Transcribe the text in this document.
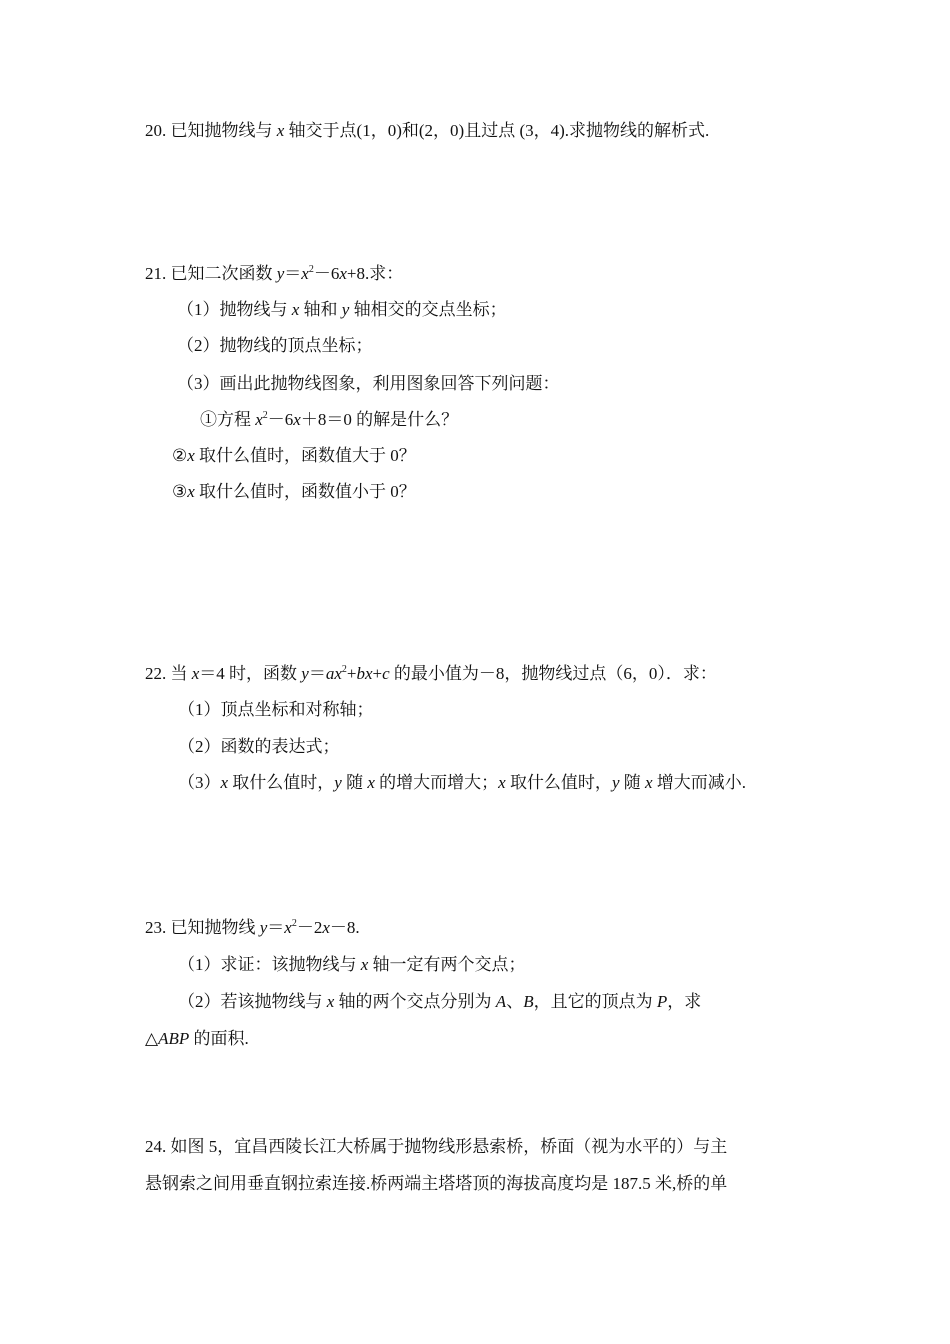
20. 已知抛物线与 x 轴交于点(1，0)和(2，0)且过点 (3，4).求抛物线的解析式.
21. 已知二次函数 $y=x^2-6x+8$.求：
（1）抛物线与 x 轴和 y 轴相交的交点坐标；
（2）抛物线的顶点坐标；
（3）画出此抛物线图象，利用图象回答下列问题：
①方程 $x^2-6x+8=0$ 的解是什么？
②x 取什么值时，函数值大于 0？
③x 取什么值时，函数值小于 0？
22. 当 x＝4 时，函数 $y=ax^2+bx+c$ 的最小值为－8，抛物线过点（6，0）．求：
（1）顶点坐标和对称轴；
（2）函数的表达式；
（3）x 取什么值时，y 随 x 的增大而增大；x 取什么值时，y 随 x 增大而减小.
23. 已知抛物线 $y=x^2-2x-8$.
（1）求证：该抛物线与 x 轴一定有两个交点；
（2）若该抛物线与 x 轴的两个交点分别为 A、B，且它的顶点为 P，求
△ABP 的面积.
24. 如图 5，宜昌西陵长江大桥属于抛物线形悬索桥，桥面（视为水平的）与主
悬钢索之间用垂直钢拉索连接.桥两端主塔塔顶的海拔高度均是 187.5 米,桥的单
